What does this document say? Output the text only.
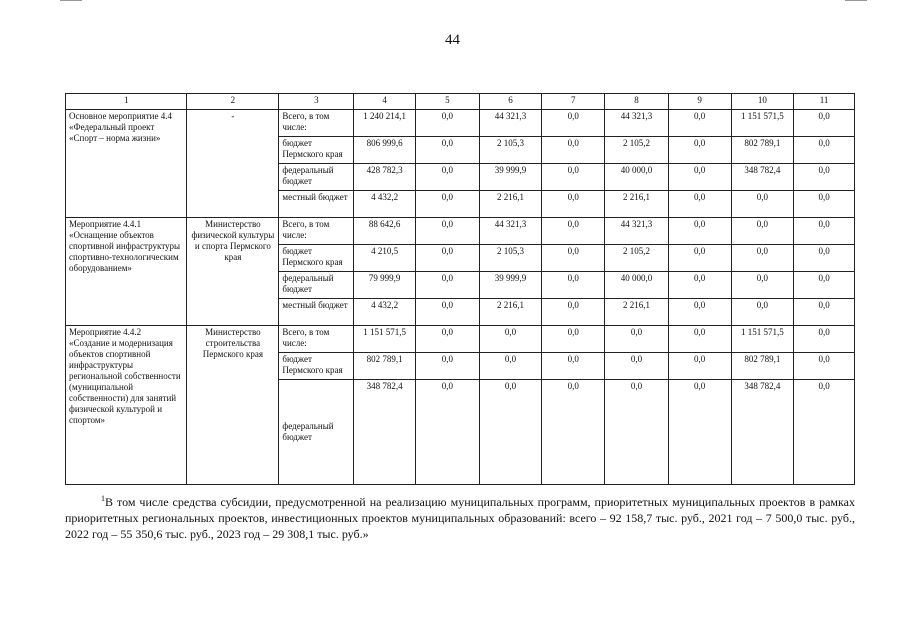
44
1	2	3	4	5	6	7	8	9	10	11
Основное мероприятие 4.4 «Федеральный проект «Спорт – норма жизни»	-	Всего, в том числе:	1 240 214,1	0,0	44 321,3	0,0	44 321,3	0,0	1 151 571,5	0,0
		бюджет Пермского края	806 999,6	0,0	2 105,3	0,0	2 105,2	0,0	802 789,1	0,0
		федеральный бюджет	428 782,3	0,0	39 999,9	0,0	40 000,0	0,0	348 782,4	0,0
		местный бюджет	4 432,2	0,0	2 216,1	0,0	2 216,1	0,0	0,0	0,0
Мероприятие 4.4.1 «Оснащение объектов спортивной инфраструктуры спортивно-технологическим оборудованием»	Министерство физической культуры и спорта Пермского края	Всего, в том числе:	88 642,6	0,0	44 321,3	0,0	44 321,3	0,0	0,0	0,0
		бюджет Пермского края	4 210,5	0,0	2 105,3	0,0	2 105,2	0,0	0,0	0,0
		федеральный бюджет	79 999,9	0,0	39 999,9	0,0	40 000,0	0,0	0,0	0,0
		местный бюджет	4 432,2	0,0	2 216,1	0,0	2 216,1	0,0	0,0	0,0
Мероприятие 4.4.2 «Создание и модернизация объектов спортивной инфраструктуры региональной собственности (муниципальной собственности) для занятий физической культурой и спортом»	Министерство строительства Пермского края	Всего, в том числе:	1 151 571,5	0,0	0,0	0,0	0,0	0,0	1 151 571,5	0,0
		бюджет Пермского края	802 789,1	0,0	0,0	0,0	0,0	0,0	802 789,1	0,0
		федеральный бюджет	348 782,4	0,0	0,0	0,0	0,0	0,0	348 782,4	0,0

$^1$В том числе средства субсидии, предусмотренной на реализацию муниципальных программ, приоритетных муниципальных проектов в рамках приоритетных региональных проектов, инвестиционных проектов муниципальных образований: всего – 92 158,7 тыс. руб., 2021 год – 7 500,0 тыс. руб., 2022 год – 55 350,6 тыс. руб., 2023 год – 29 308,1 тыс. руб.»
